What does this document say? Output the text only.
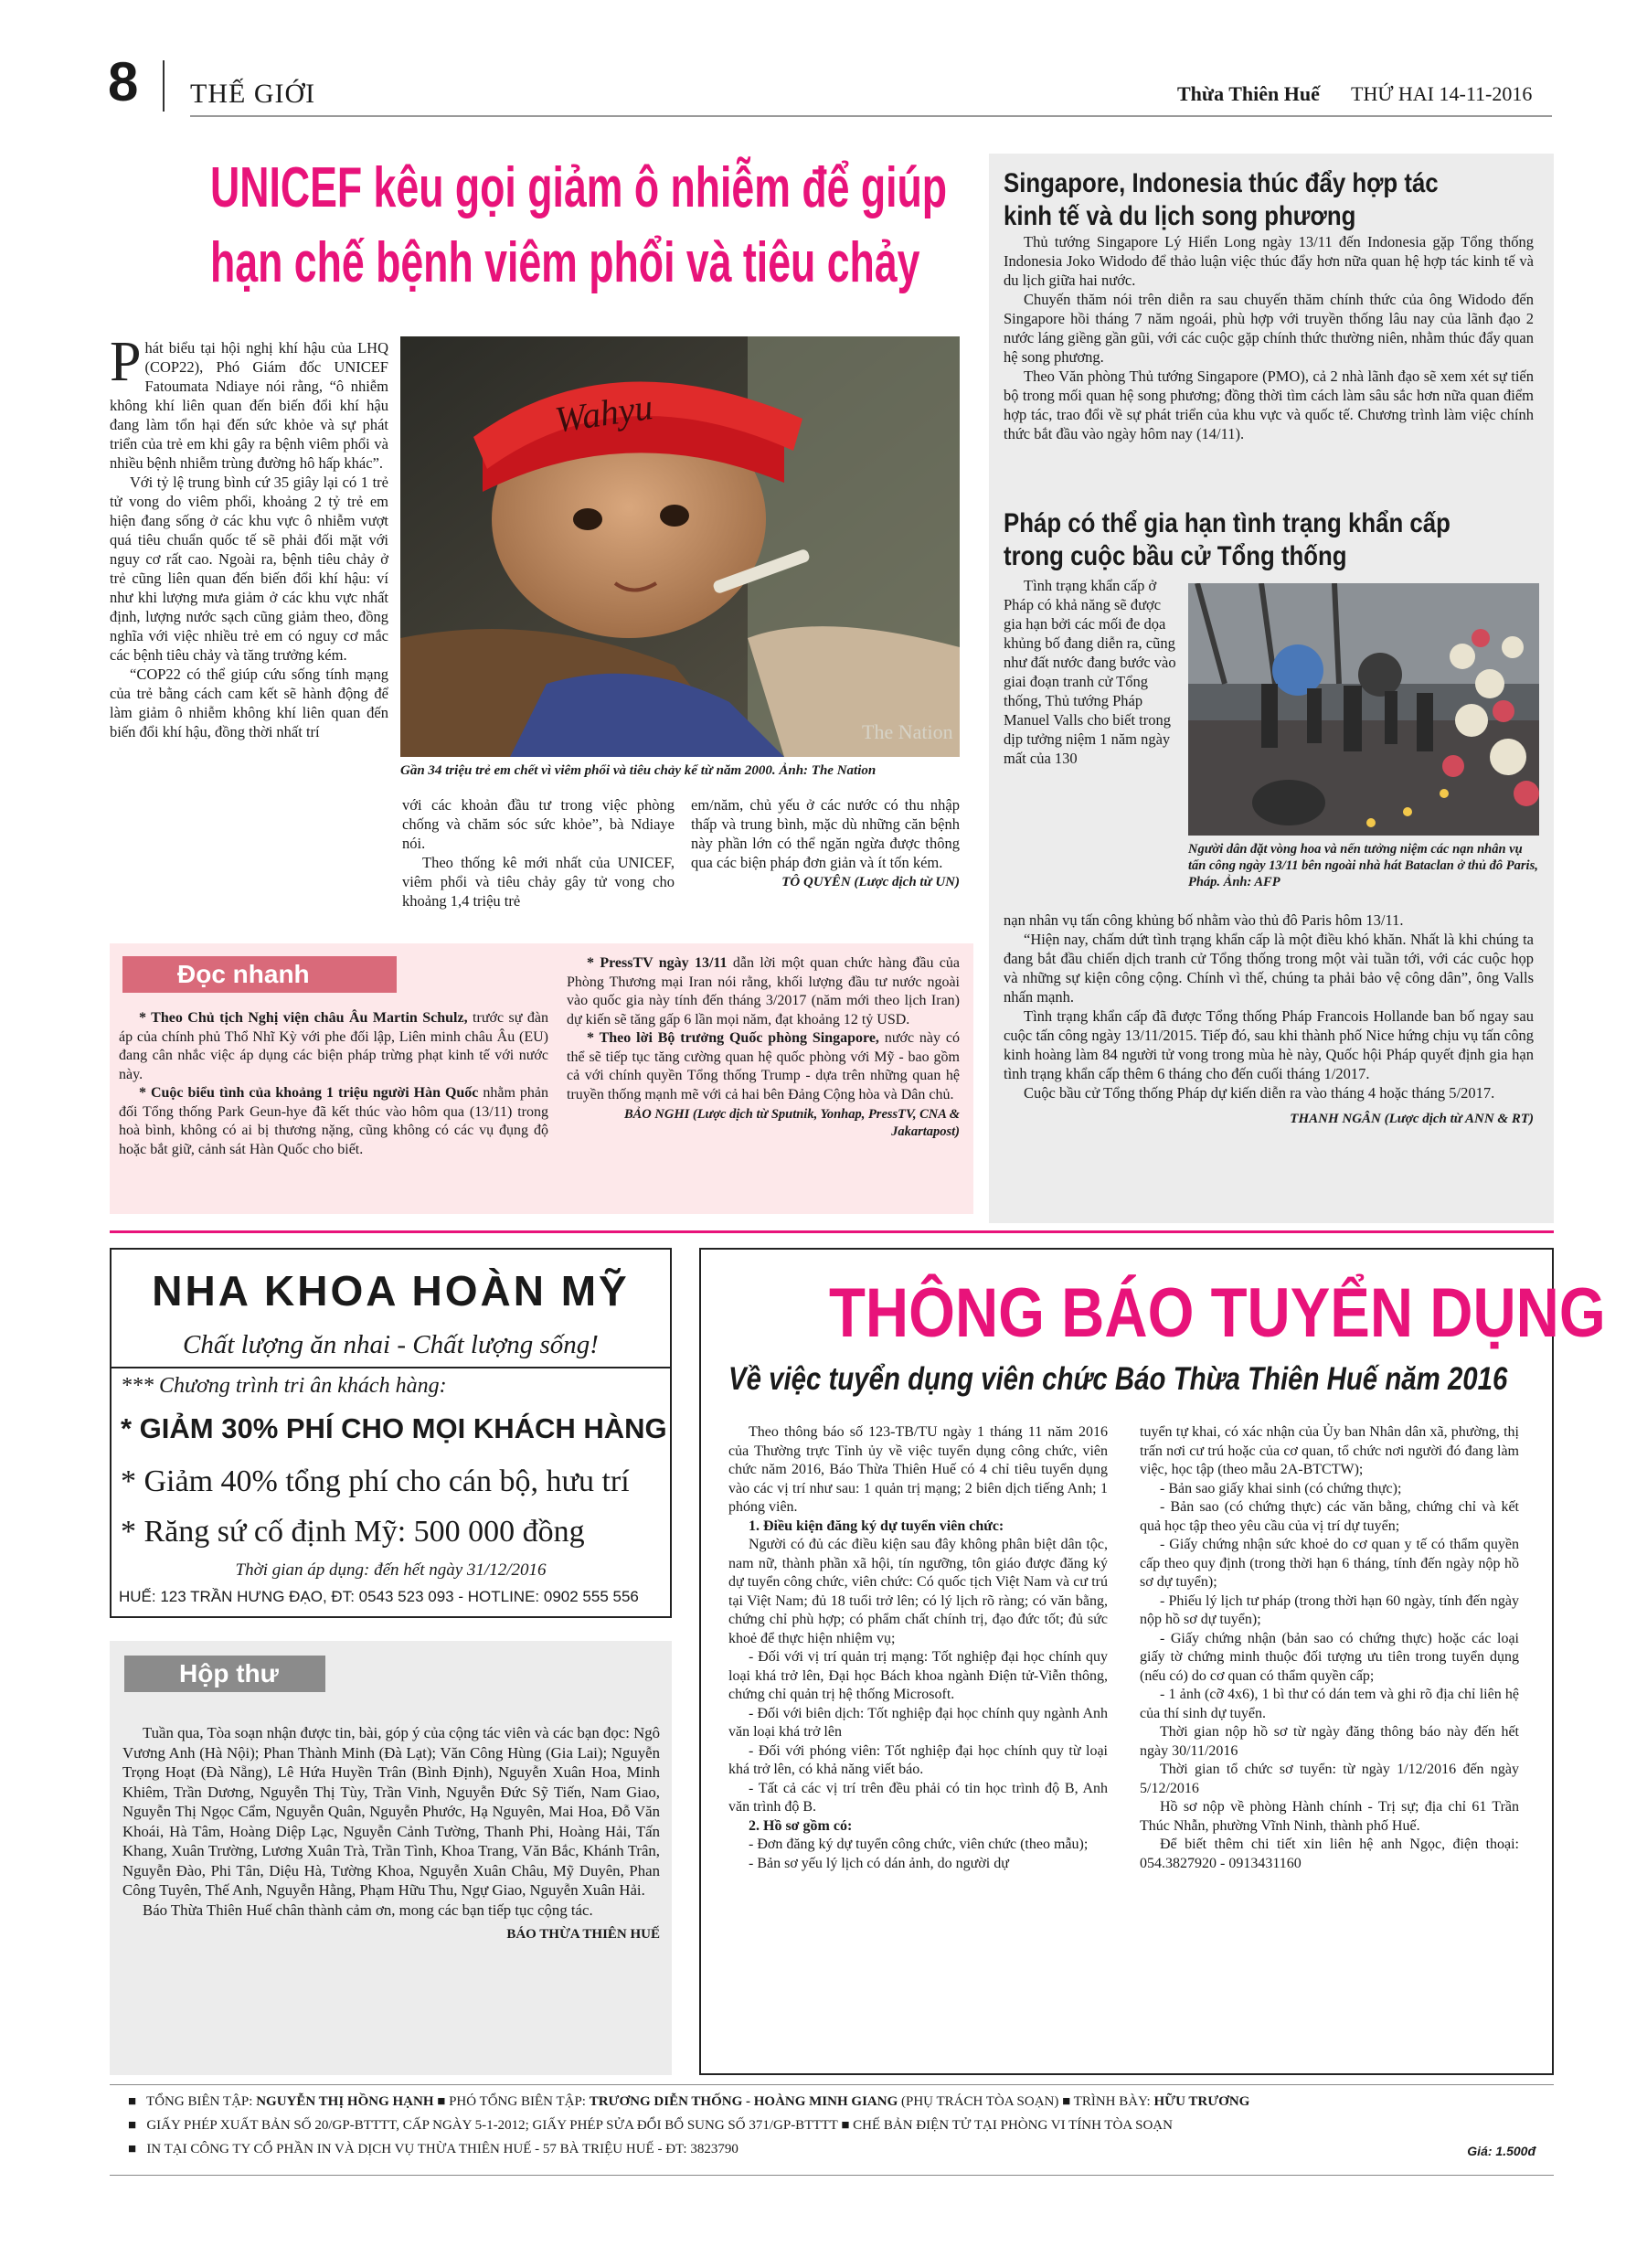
8 THẾ GIỚI	Thừa Thiên Huế THỨ HAI 14-11-2016
UNICEF kêu gọi giảm ô nhiễm để giúp
hạn chế bệnh viêm phổi và tiêu chảy

Phát biểu tại hội nghị khí hậu của LHQ (COP22), Phó Giám đốc UNICEF Fatoumata Ndiaye nói rằng, “ô nhiễm không khí liên quan đến biến đổi khí hậu đang làm tổn hại đến sức khỏe và sự phát triển của trẻ em khi gây ra bệnh viêm phổi và nhiều bệnh nhiễm trùng đường hô hấp khác”.

Với tỷ lệ trung bình cứ 35 giây lại có 1 trẻ tử vong do viêm phổi, khoảng 2 tỷ trẻ em hiện đang sống ở các khu vực ô nhiễm vượt quá tiêu chuẩn quốc tế sẽ phải đối mặt với nguy cơ rất cao. Ngoài ra, bệnh tiêu chảy ở trẻ cũng liên quan đến biến đổi khí hậu: ví như khi lượng mưa giảm ở các khu vực nhất định, lượng nước sạch cũng giảm theo, đồng nghĩa với việc nhiều trẻ em có nguy cơ mắc các bệnh tiêu chảy và tăng trưởng kém.

“COP22 có thể giúp cứu sống tính mạng của trẻ bằng cách cam kết sẽ hành động để làm giảm ô nhiễm không khí liên quan đến biến đổi khí hậu, đồng thời nhất trí

Wahyu
The Nation
Gần 34 triệu trẻ em chết vì viêm phổi và tiêu chảy kể từ năm 2000. Ảnh: The Nation

với các khoản đầu tư trong việc phòng chống và chăm sóc sức khỏe”, bà Ndiaye nói.

Theo thống kê mới nhất của UNICEF, viêm phổi và tiêu chảy gây tử vong cho khoảng 1,4 triệu trẻ

em/năm, chủ yếu ở các nước có thu nhập thấp và trung bình, mặc dù những căn bệnh này phần lớn có thể ngăn ngừa được thông qua các biện pháp đơn giản và ít tốn kém.

TÔ QUYÊN (Lược dịch từ UN)
Singapore, Indonesia thúc đẩy hợp tác
kinh tế và du lịch song phương

Thủ tướng Singapore Lý Hiển Long ngày 13/11 đến Indonesia gặp Tổng thống Indonesia Joko Widodo để thảo luận việc thúc đẩy hơn nữa quan hệ hợp tác kinh tế và du lịch giữa hai nước.

Chuyến thăm nói trên diễn ra sau chuyến thăm chính thức của ông Widodo đến Singapore hồi tháng 7 năm ngoái, phù hợp với truyền thống lâu nay của lãnh đạo 2 nước láng giềng gần gũi, với các cuộc gặp chính thức thường niên, nhằm thúc đẩy quan hệ song phương.

Theo Văn phòng Thủ tướng Singapore (PMO), cả 2 nhà lãnh đạo sẽ xem xét sự tiến bộ trong mối quan hệ song phương; đồng thời tìm cách làm sâu sắc hơn nữa quan điểm hợp tác, trao đổi về sự phát triển của khu vực và quốc tế. Chương trình làm việc chính thức bắt đầu vào ngày hôm nay (14/11).

Pháp có thể gia hạn tình trạng khẩn cấp
trong cuộc bầu cử Tổng thống

Tình trạng khẩn cấp ở Pháp có khả năng sẽ được gia hạn bởi các mối đe dọa khủng bố đang diễn ra, cũng như đất nước đang bước vào giai đoạn tranh cử Tổng thống, Thủ tướng Pháp Manuel Valls cho biết trong dịp tưởng niệm 1 năm ngày mất của 130

Người dân đặt vòng hoa và nến tưởng niệm các nạn nhân vụ tấn công ngày 13/11 bên ngoài nhà hát Bataclan ở thủ đô Paris, Pháp. Ảnh: AFP

nạn nhân vụ tấn công khủng bố nhằm vào thủ đô Paris hôm 13/11.

“Hiện nay, chấm dứt tình trạng khẩn cấp là một điều khó khăn. Nhất là khi chúng ta đang bắt đầu chiến dịch tranh cử Tổng thống trong một vài tuần tới, với các cuộc họp và những sự kiện công cộng. Chính vì thế, chúng ta phải bảo vệ công dân”, ông Valls nhấn mạnh.

Tình trạng khẩn cấp đã được Tổng thống Pháp Francois Hollande ban bố ngay sau cuộc tấn công ngày 13/11/2015. Tiếp đó, sau khi thành phố Nice hứng chịu vụ tấn công kinh hoàng làm 84 người tử vong trong mùa hè này, Quốc hội Pháp quyết định gia hạn tình trạng khẩn cấp thêm 6 tháng cho đến cuối tháng 1/2017.

Cuộc bầu cử Tổng thống Pháp dự kiến diễn ra vào tháng 4 hoặc tháng 5/2017.

THANH NGÂN (Lược dịch từ ANN & RT)
Đọc nhanh

* Theo Chủ tịch Nghị viện châu Âu Martin Schulz, trước sự đàn áp của chính phủ Thổ Nhĩ Kỳ với phe đối lập, Liên minh châu Âu (EU) đang cân nhắc việc áp dụng các biện pháp trừng phạt kinh tế với nước này.

* Cuộc biểu tình của khoảng 1 triệu người Hàn Quốc nhằm phản đối Tổng thống Park Geun-hye đã kết thúc vào hôm qua (13/11) trong hoà bình, không có ai bị thương nặng, cũng không có các vụ đụng độ hoặc bắt giữ, cảnh sát Hàn Quốc cho biết.

* PressTV ngày 13/11 dẫn lời một quan chức hàng đầu của Phòng Thương mại Iran nói rằng, khối lượng đầu tư nước ngoài vào quốc gia này tính đến tháng 3/2017 (năm mới theo lịch Iran) dự kiến sẽ tăng gấp 6 lần mọi năm, đạt khoảng 12 tỷ USD.

* Theo lời Bộ trưởng Quốc phòng Singapore, nước này có thể sẽ tiếp tục tăng cường quan hệ quốc phòng với Mỹ - bao gồm cả với chính quyền Tổng thống Trump - dựa trên những quan hệ truyền thống mạnh mẽ với cả hai bên Đảng Cộng hòa và Dân chủ.

BẢO NGHI (Lược dịch từ Sputnik, Yonhap, PressTV, CNA & Jakartapost)
NHA KHOA HOÀN MỸ
Chất lượng ăn nhai - Chất lượng sống!
*** Chương trình tri ân khách hàng:
* GIẢM 30% PHÍ CHO MỌI KHÁCH HÀNG
* Giảm 40% tổng phí cho cán bộ, hưu trí
* Răng sứ cố định Mỹ: 500 000 đồng
Thời gian áp dụng: đến hết ngày 31/12/2016
HUẾ: 123 TRẦN HƯNG ĐẠO, ĐT: 0543 523 093 - HOTLINE: 0902 555 556
Hộp thư

Tuần qua, Tòa soạn nhận được tin, bài, góp ý của cộng tác viên và các bạn đọc: Ngô Vương Anh (Hà Nội); Phan Thành Minh (Đà Lạt); Văn Công Hùng (Gia Lai); Nguyễn Trọng Hoạt (Đà Nẵng), Lê Hứa Huyền Trân (Bình Định), Nguyễn Xuân Hoa, Minh Khiêm, Trần Dương, Nguyễn Thị Tùy, Trần Vinh, Nguyễn Đức Sỹ Tiến, Nam Giao, Nguyễn Thị Ngọc Cẩm, Nguyễn Quân, Nguyễn Phước, Hạ Nguyên, Mai Hoa, Đỗ Văn Khoái, Hà Tâm, Hoàng Diệp Lạc, Nguyễn Cảnh Tường, Thanh Phi, Hoàng Hải, Tấn Khang, Xuân Trường, Lương Xuân Trà, Trần Tình, Khoa Trang, Văn Bắc, Khánh Trân, Nguyễn Đào, Phi Tân, Diệu Hà, Tường Khoa, Nguyễn Xuân Châu, Mỹ Duyên, Phan Công Tuyên, Thế Anh, Nguyễn Hằng, Phạm Hữu Thu, Ngự Giao, Nguyễn Xuân Hải.

Báo Thừa Thiên Huế chân thành cảm ơn, mong các bạn tiếp tục cộng tác.

BÁO THỪA THIÊN HUẾ
THÔNG BÁO TUYỂN DỤNG
Về việc tuyển dụng viên chức Báo Thừa Thiên Huế năm 2016

Theo thông báo số 123-TB/TU ngày 1 tháng 11 năm 2016 của Thường trực Tỉnh ủy về việc tuyển dụng công chức, viên chức năm 2016, Báo Thừa Thiên Huế có 4 chỉ tiêu tuyển dụng vào các vị trí như sau: 1 quản trị mạng; 2 biên dịch tiếng Anh; 1 phóng viên.

1. Điều kiện đăng ký dự tuyển viên chức:

Người có đủ các điều kiện sau đây không phân biệt dân tộc, nam nữ, thành phần xã hội, tín ngưỡng, tôn giáo được đăng ký dự tuyển công chức, viên chức: Có quốc tịch Việt Nam và cư trú tại Việt Nam; đủ 18 tuổi trở lên; có lý lịch rõ ràng; có văn bằng, chứng chỉ phù hợp; có phẩm chất chính trị, đạo đức tốt; đủ sức khoẻ để thực hiện nhiệm vụ;

- Đối với vị trí quản trị mạng: Tốt nghiệp đại học chính quy loại khá trở lên, Đại học Bách khoa ngành Điện tử-Viễn thông, chứng chỉ quản trị hệ thống Microsoft.

- Đối với biên dịch: Tốt nghiệp đại học chính quy ngành Anh văn loại khá trở lên

- Đối với phóng viên: Tốt nghiệp đại học chính quy từ loại khá trở lên, có khả năng viết báo.

- Tất cả các vị trí trên đều phải có tin học trình độ B, Anh văn trình độ B.

2. Hồ sơ gồm có:

- Đơn đăng ký dự tuyển công chức, viên chức (theo mẫu);

- Bản sơ yếu lý lịch có dán ảnh, do người dự

tuyển tự khai, có xác nhận của Ủy ban Nhân dân xã, phường, thị trấn nơi cư trú hoặc của cơ quan, tổ chức nơi người đó đang làm việc, học tập (theo mẫu 2A-BTCTW);

- Bản sao giấy khai sinh (có chứng thực);

- Bản sao (có chứng thực) các văn bằng, chứng chỉ và kết quả học tập theo yêu cầu của vị trí dự tuyển;

- Giấy chứng nhận sức khoẻ do cơ quan y tế có thẩm quyền cấp theo quy định (trong thời hạn 6 tháng, tính đến ngày nộp hồ sơ dự tuyển);

- Phiếu lý lịch tư pháp (trong thời hạn 60 ngày, tính đến ngày nộp hồ sơ dự tuyển);

- Giấy chứng nhận (bản sao có chứng thực) hoặc các loại giấy tờ chứng minh thuộc đối tượng ưu tiên trong tuyển dụng (nếu có) do cơ quan có thẩm quyền cấp;

- 1 ảnh (cỡ 4x6), 1 bì thư có dán tem và ghi rõ địa chỉ liên hệ của thí sinh dự tuyển.

Thời gian nộp hồ sơ từ ngày đăng thông báo này đến hết ngày 30/11/2016

Thời gian tổ chức sơ tuyển: từ ngày 1/12/2016 đến ngày 5/12/2016

Hồ sơ nộp về phòng Hành chính - Trị sự; địa chỉ 61 Trần Thúc Nhẫn, phường Vĩnh Ninh, thành phố Huế.

Để biết thêm chi tiết xin liên hệ anh Ngọc, điện thoại: 054.3827920 - 0913431160

■   TỔNG BIÊN TẬP: NGUYỄN THỊ HỒNG HẠNH ■ PHÓ TỔNG BIÊN TẬP: TRƯƠNG DIỄN THỐNG - HOÀNG MINH GIANG (PHỤ TRÁCH TÒA SOẠN) ■ TRÌNH BÀY: HỮU TRƯƠNG
■   GIẤY PHÉP XUẤT BẢN SỐ 20/GP-BTTTT, CẤP NGÀY 5-1-2012; GIẤY PHÉP SỬA ĐỔI BỔ SUNG SỐ 371/GP-BTTTT ■ CHẾ BẢN ĐIỆN TỬ TẠI PHÒNG VI TÍNH TÒA SOẠN
■   IN TẠI CÔNG TY CỔ PHẦN IN VÀ DỊCH VỤ THỪA THIÊN HUẾ - 57 BÀ TRIỆU HUẾ - ĐT: 3823790	Giá: 1.500đ
